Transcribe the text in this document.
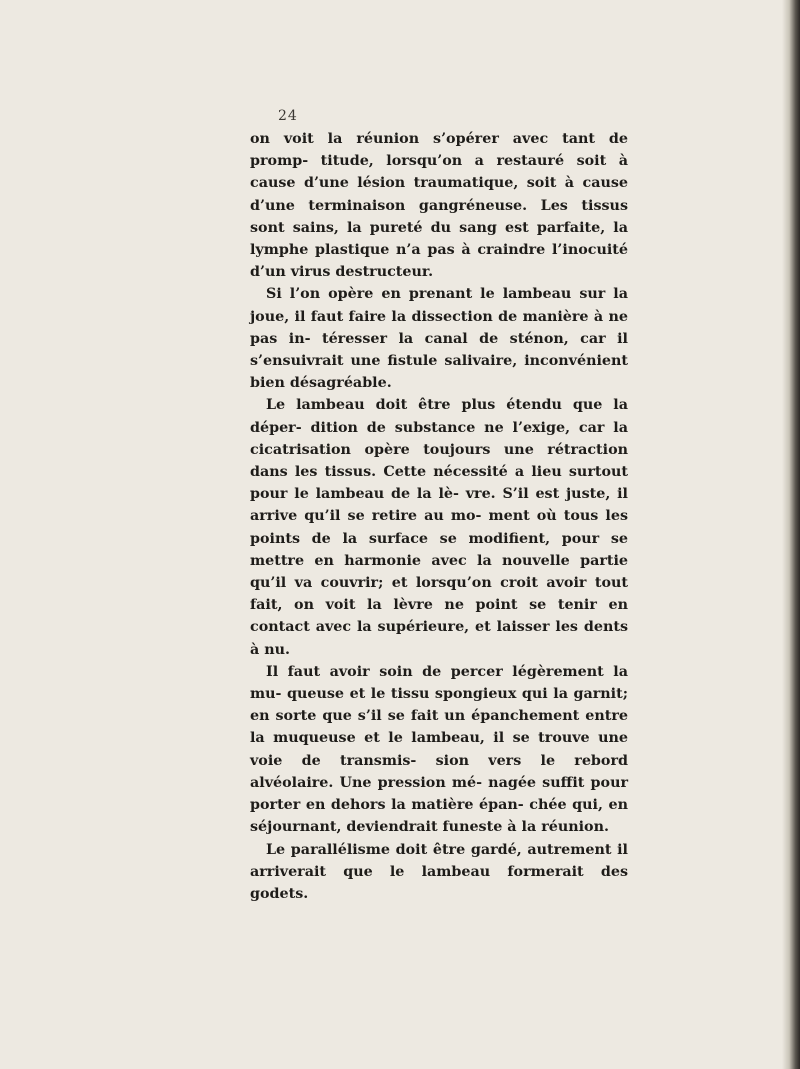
24

on voit la réunion s’opérer avec tant de promp- titude, lorsqu’on a restauré soit à cause d’une lésion traumatique, soit à cause d’une terminaison gangréneuse. Les tissus sont sains, la pureté du sang est parfaite, la lymphe plastique n’a pas à craindre l’inocuité d’un virus destructeur.

Si l’on opère en prenant le lambeau sur la joue, il faut faire la dissection de manière à ne pas in- téresser la canal de sténon, car il s’ensuivrait une fistule salivaire, inconvénient bien désagréable.

Le lambeau doit être plus étendu que la déper- dition de substance ne l’exige, car la cicatrisation opère toujours une rétraction dans les tissus. Cette nécessité a lieu surtout pour le lambeau de la lè- vre. S’il est juste, il arrive qu’il se retire au mo- ment où tous les points de la surface se modifient, pour se mettre en harmonie avec la nouvelle partie qu’il va couvrir; et lorsqu’on croit avoir tout fait, on voit la lèvre ne point se tenir en contact avec la supérieure, et laisser les dents à nu.

Il faut avoir soin de percer légèrement la mu- queuse et le tissu spongieux qui la garnit; en sorte que s’il se fait un épanchement entre la muqueuse et le lambeau, il se trouve une voie de transmis- sion vers le rebord alvéolaire. Une pression mé- nagée suffit pour porter en dehors la matière épan- chée qui, en séjournant, deviendrait funeste à la réunion.

Le parallélisme doit être gardé, autrement il arriverait que le lambeau formerait des godets.
